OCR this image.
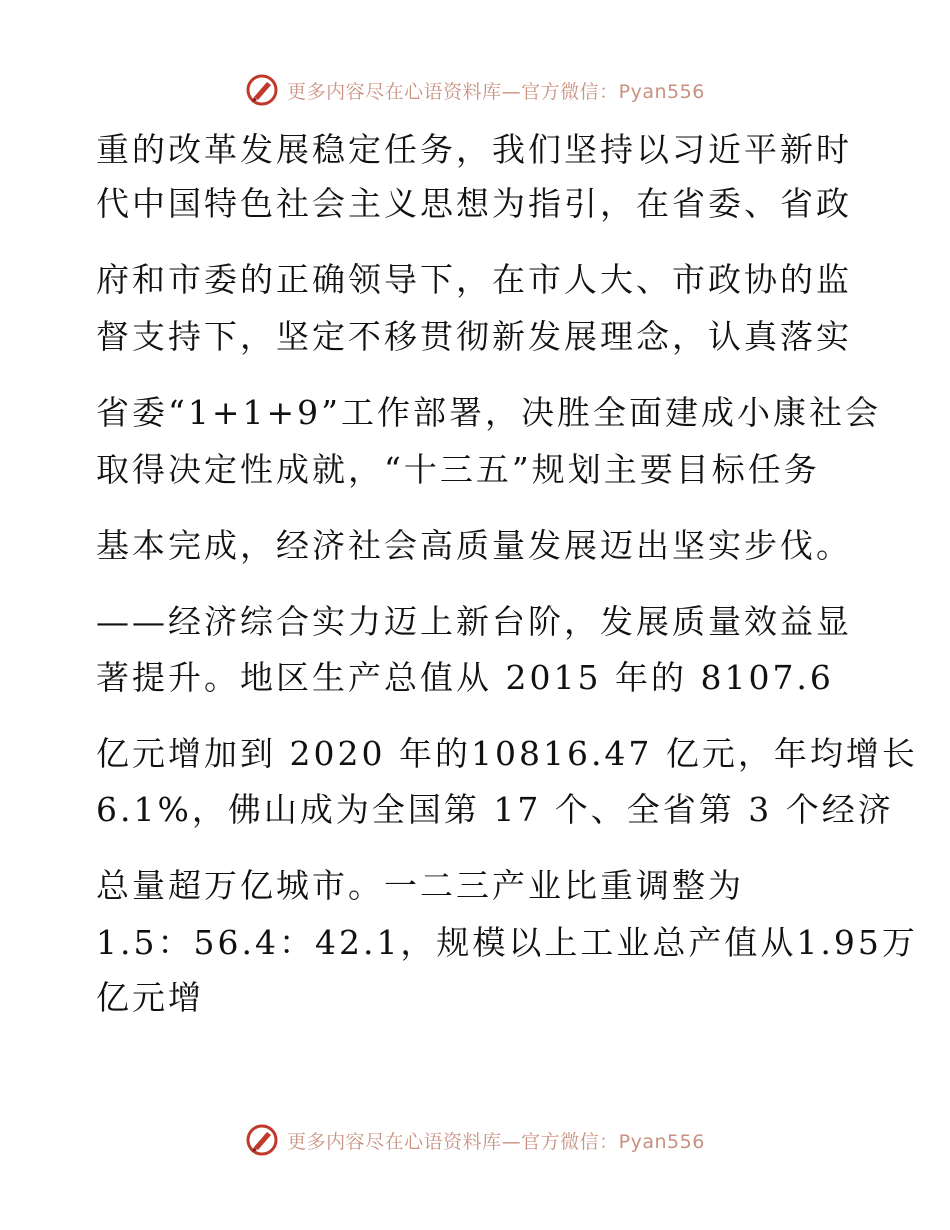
更多内容尽在心语资料库—官方微信：Pyan556
重的改革发展稳定任务，我们坚持以习近平新时
代中国特色社会主义思想为指引，在省委、省政
府和市委的正确领导下，在市人大、市政协的监
督支持下，坚定不移贯彻新发展理念，认真落实
省委“1+1+9”工作部署，决胜全面建成小康社会
取得决定性成就，“十三五”规划主要目标任务
基本完成，经济社会高质量发展迈出坚实步伐。
——经济综合实力迈上新台阶，发展质量效益显
著提升。地区生产总值从 2015 年的 8107.6
亿元增加到 2020 年的10816.47 亿元，年均增长
6.1%，佛山成为全国第 17 个、全省第 3 个经济
总量超万亿城市。一二三产业比重调整为
1.5：56.4：42.1，规模以上工业总产值从1.95万
亿元增
更多内容尽在心语资料库—官方微信：Pyan556
